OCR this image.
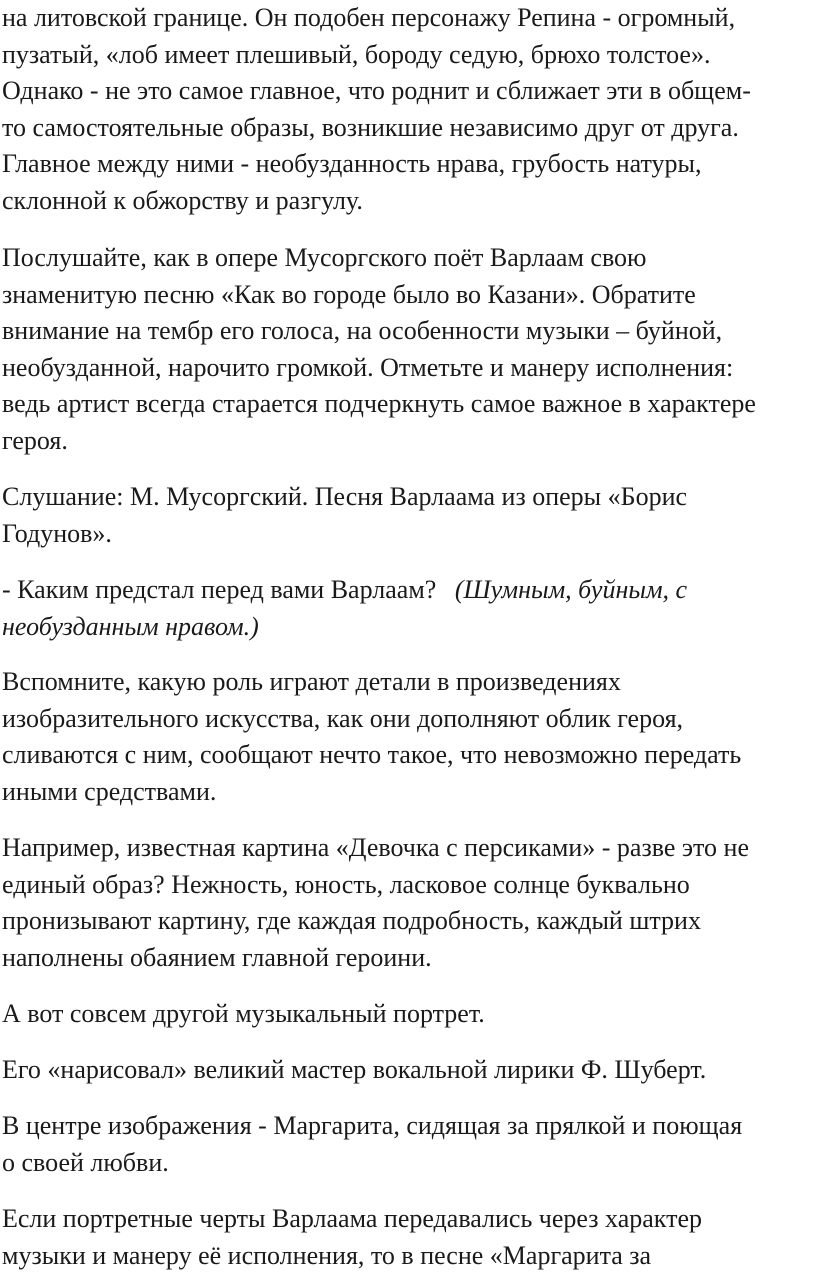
на литовской границе. Он подобен персонажу Репина - огромный,
пузатый, «лоб имеет плешивый, бороду седую, брюхо толстое».
Однако - не это самое главное, что роднит и сближает эти в общем-
то самостоятельные образы, возникшие независимо друг от друга.
Главное между ними - необузданность нрава, грубость натуры,
склонной к обжорству и разгулу.
Послушайте, как в опере Мусоргского поёт Варлаам свою
знаменитую песню «Как во городе было во Казани». Обратите
внимание на тембр его голоса, на особенности музыки – буйной,
необузданной, нарочито громкой. Отметьте и манеру исполнения:
ведь артист всегда старается подчеркнуть самое важное в характере
героя.
Слушание: М. Мусоргский. Песня Варлаама из оперы «Борис
Годунов».
- Каким предстал перед вами Варлаам? (Шумным, буйным, с
необузданным нравом.)
Вспомните, какую роль играют детали в произведениях
изобразительного искусства, как они дополняют облик героя,
сливаются с ним, сообщают нечто такое, что невозможно передать
иными средствами.
Например, известная картина «Девочка с персиками» - разве это не
единый образ? Нежность, юность, ласковое солнце буквально
пронизывают картину, где каждая подробность, каждый штрих
наполнены обаянием главной героини.
А вот совсем другой музыкальный портрет.
Его «нарисовал» великий мастер вокальной лирики Ф. Шуберт.
В центре изображения - Маргарита, сидящая за прялкой и поющая
о своей любви.
Если портретные черты Варлаама передавались через характер
музыки и манеру её исполнения, то в песне «Маргарита за
